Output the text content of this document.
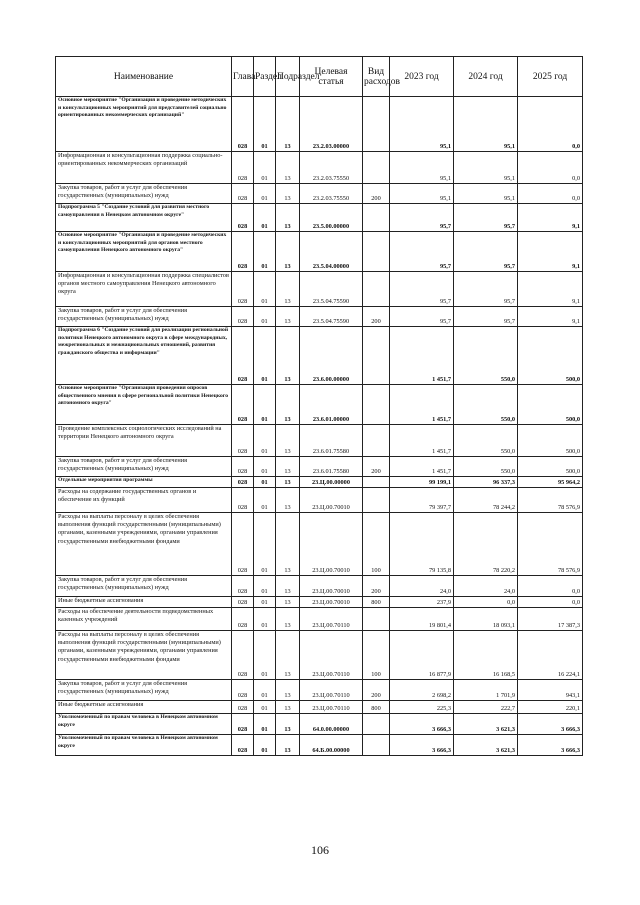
Наименование	Глава	Раздел	Подраздел	Целевая статья	Вид расходов	2023 год	2024 год	2025 год
Основное мероприятие "Организация и проведение методических и консультационных мероприятий для представителей социально ориентированных некоммерческих организаций"	028	01	13	23.2.03.00000		95,1	95,1	0,0
Информационная и консультационная поддержка социально-ориентированных некоммерческих организаций	028	01	13	23.2.03.75550		95,1	95,1	0,0
Закупка товаров, работ и услуг для обеспечения государственных (муниципальных) нужд	028	01	13	23.2.03.75550	200	95,1	95,1	0,0
Подпрограмма 5 "Создание условий для развития местного самоуправления в Ненецком автономном округе"	028	01	13	23.5.00.00000		95,7	95,7	9,1
Основное мероприятие "Организация и проведение методических и консультационных мероприятий для органов местного самоуправления Ненецкого автономного округа"	028	01	13	23.5.04.00000		95,7	95,7	9,1
Информационная и консультационная поддержка специалистов органов местного самоуправления Ненецкого автономного округа	028	01	13	23.5.04.75590		95,7	95,7	9,1
Закупка товаров, работ и услуг для обеспечения государственных (муниципальных) нужд	028	01	13	23.5.04.75590	200	95,7	95,7	9,1
Подпрограмма 6 "Создание условий для реализации региональной политики Ненецкого автономного округа в сфере международных, межрегиональных и межнациональных отношений, развития гражданского общества и информации"	028	01	13	23.6.00.00000		1 451,7	550,0	500,0
Основное мероприятие "Организация проведения опросов общественного мнения в сфере региональной политики Ненецкого автономного округа"	028	01	13	23.6.01.00000		1 451,7	550,0	500,0
Проведение комплексных социологических исследований на территории Ненецкого автономного округа	028	01	13	23.6.01.75580		1 451,7	550,0	500,0
Закупка товаров, работ и услуг для обеспечения государственных (муниципальных) нужд	028	01	13	23.6.01.75580	200	1 451,7	550,0	500,0
Отдельные мероприятия программы	028	01	13	23.Ц.00.00000		99 199,1	96 337,3	95 964,2
Расходы на содержание государственных органов и обеспечение их функций	028	01	13	23.Ц.00.70010		79 397,7	78 244,2	78 576,9
Расходы на выплаты персоналу в целях обеспечения выполнения функций государственными (муниципальными) органами, казенными учреждениями, органами управления государственными внебюджетными фондами	028	01	13	23.Ц.00.70010	100	79 135,8	78 220,2	78 576,9
Закупка товаров, работ и услуг для обеспечения государственных (муниципальных) нужд	028	01	13	23.Ц.00.70010	200	24,0	24,0	0,0
Иные бюджетные ассигнования	028	01	13	23.Ц.00.70010	800	237,9	0,0	0,0
Расходы на обеспечение деятельности подведомственных казенных учреждений	028	01	13	23.Ц.00.70110		19 801,4	18 093,1	17 387,3
Расходы на выплаты персоналу в целях обеспечения выполнения функций государственными (муниципальными) органами, казенными учреждениями, органами управления государственными внебюджетными фондами	028	01	13	23.Ц.00.70110	100	16 877,9	16 168,5	16 224,1
Закупка товаров, работ и услуг для обеспечения государственных (муниципальных) нужд	028	01	13	23.Ц.00.70110	200	2 698,2	1 701,9	943,1
Иные бюджетные ассигнования	028	01	13	23.Ц.00.70110	800	225,3	222,7	220,1
Уполномоченный по правам человека в Ненецком автономном округе	028	01	13	64.0.00.00000		3 666,3	3 621,3	3 666,3
Уполномоченный по правам человека в Ненецком автономном округе	028	01	13	64.Б.00.00000		3 666,3	3 621,3	3 666,3
106
